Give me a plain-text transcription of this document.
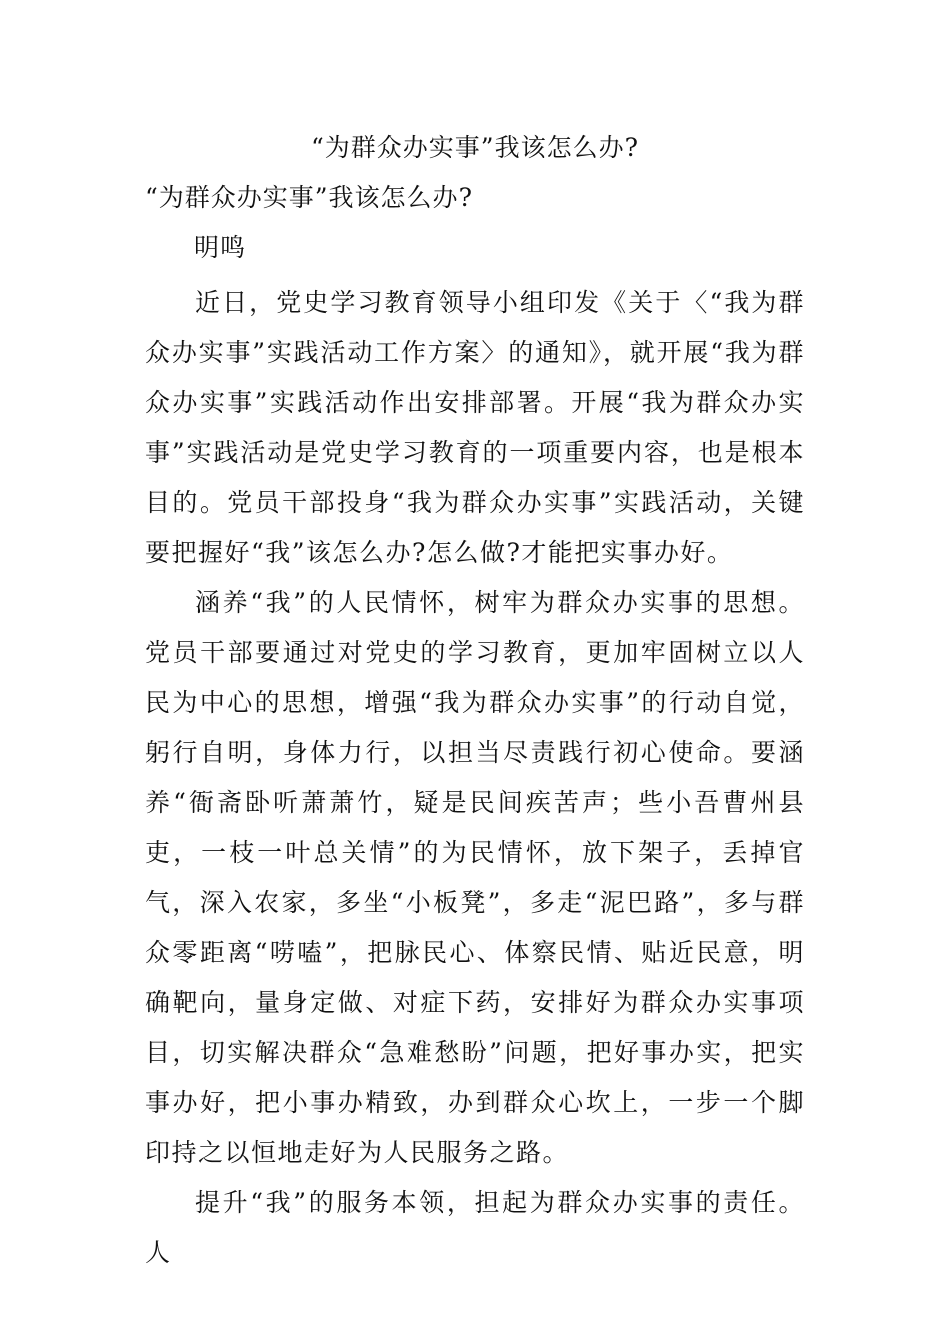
“为群众办实事”我该怎么办?
“为群众办实事”我该怎么办?
明鸣

近日，党史学习教育领导小组印发《关于〈“我为群众办实事”实践活动工作方案〉的通知》，就开展“我为群众办实事”实践活动作出安排部署。开展“我为群众办实事”实践活动是党史学习教育的一项重要内容，也是根本目的。党员干部投身“我为群众办实事”实践活动，关键要把握好“我”该怎么办?怎么做?才能把实事办好。

涵养“我”的人民情怀，树牢为群众办实事的思想。党员干部要通过对党史的学习教育，更加牢固树立以人民为中心的思想，增强“我为群众办实事”的行动自觉，躬行自明，身体力行，以担当尽责践行初心使命。要涵养“衙斋卧听萧萧竹，疑是民间疾苦声；些小吾曹州县吏，一枝一叶总关情”的为民情怀，放下架子，丢掉官气，深入农家，多坐“小板凳”，多走“泥巴路”，多与群众零距离“唠嗑”，把脉民心、体察民情、贴近民意，明确靶向，量身定做、对症下药，安排好为群众办实事项目，切实解决群众“急难愁盼”问题，把好事办实，把实事办好，把小事办精致，办到群众心坎上，一步一个脚印持之以恒地走好为人民服务之路。

提升“我”的服务本领，担起为群众办实事的责任。人
